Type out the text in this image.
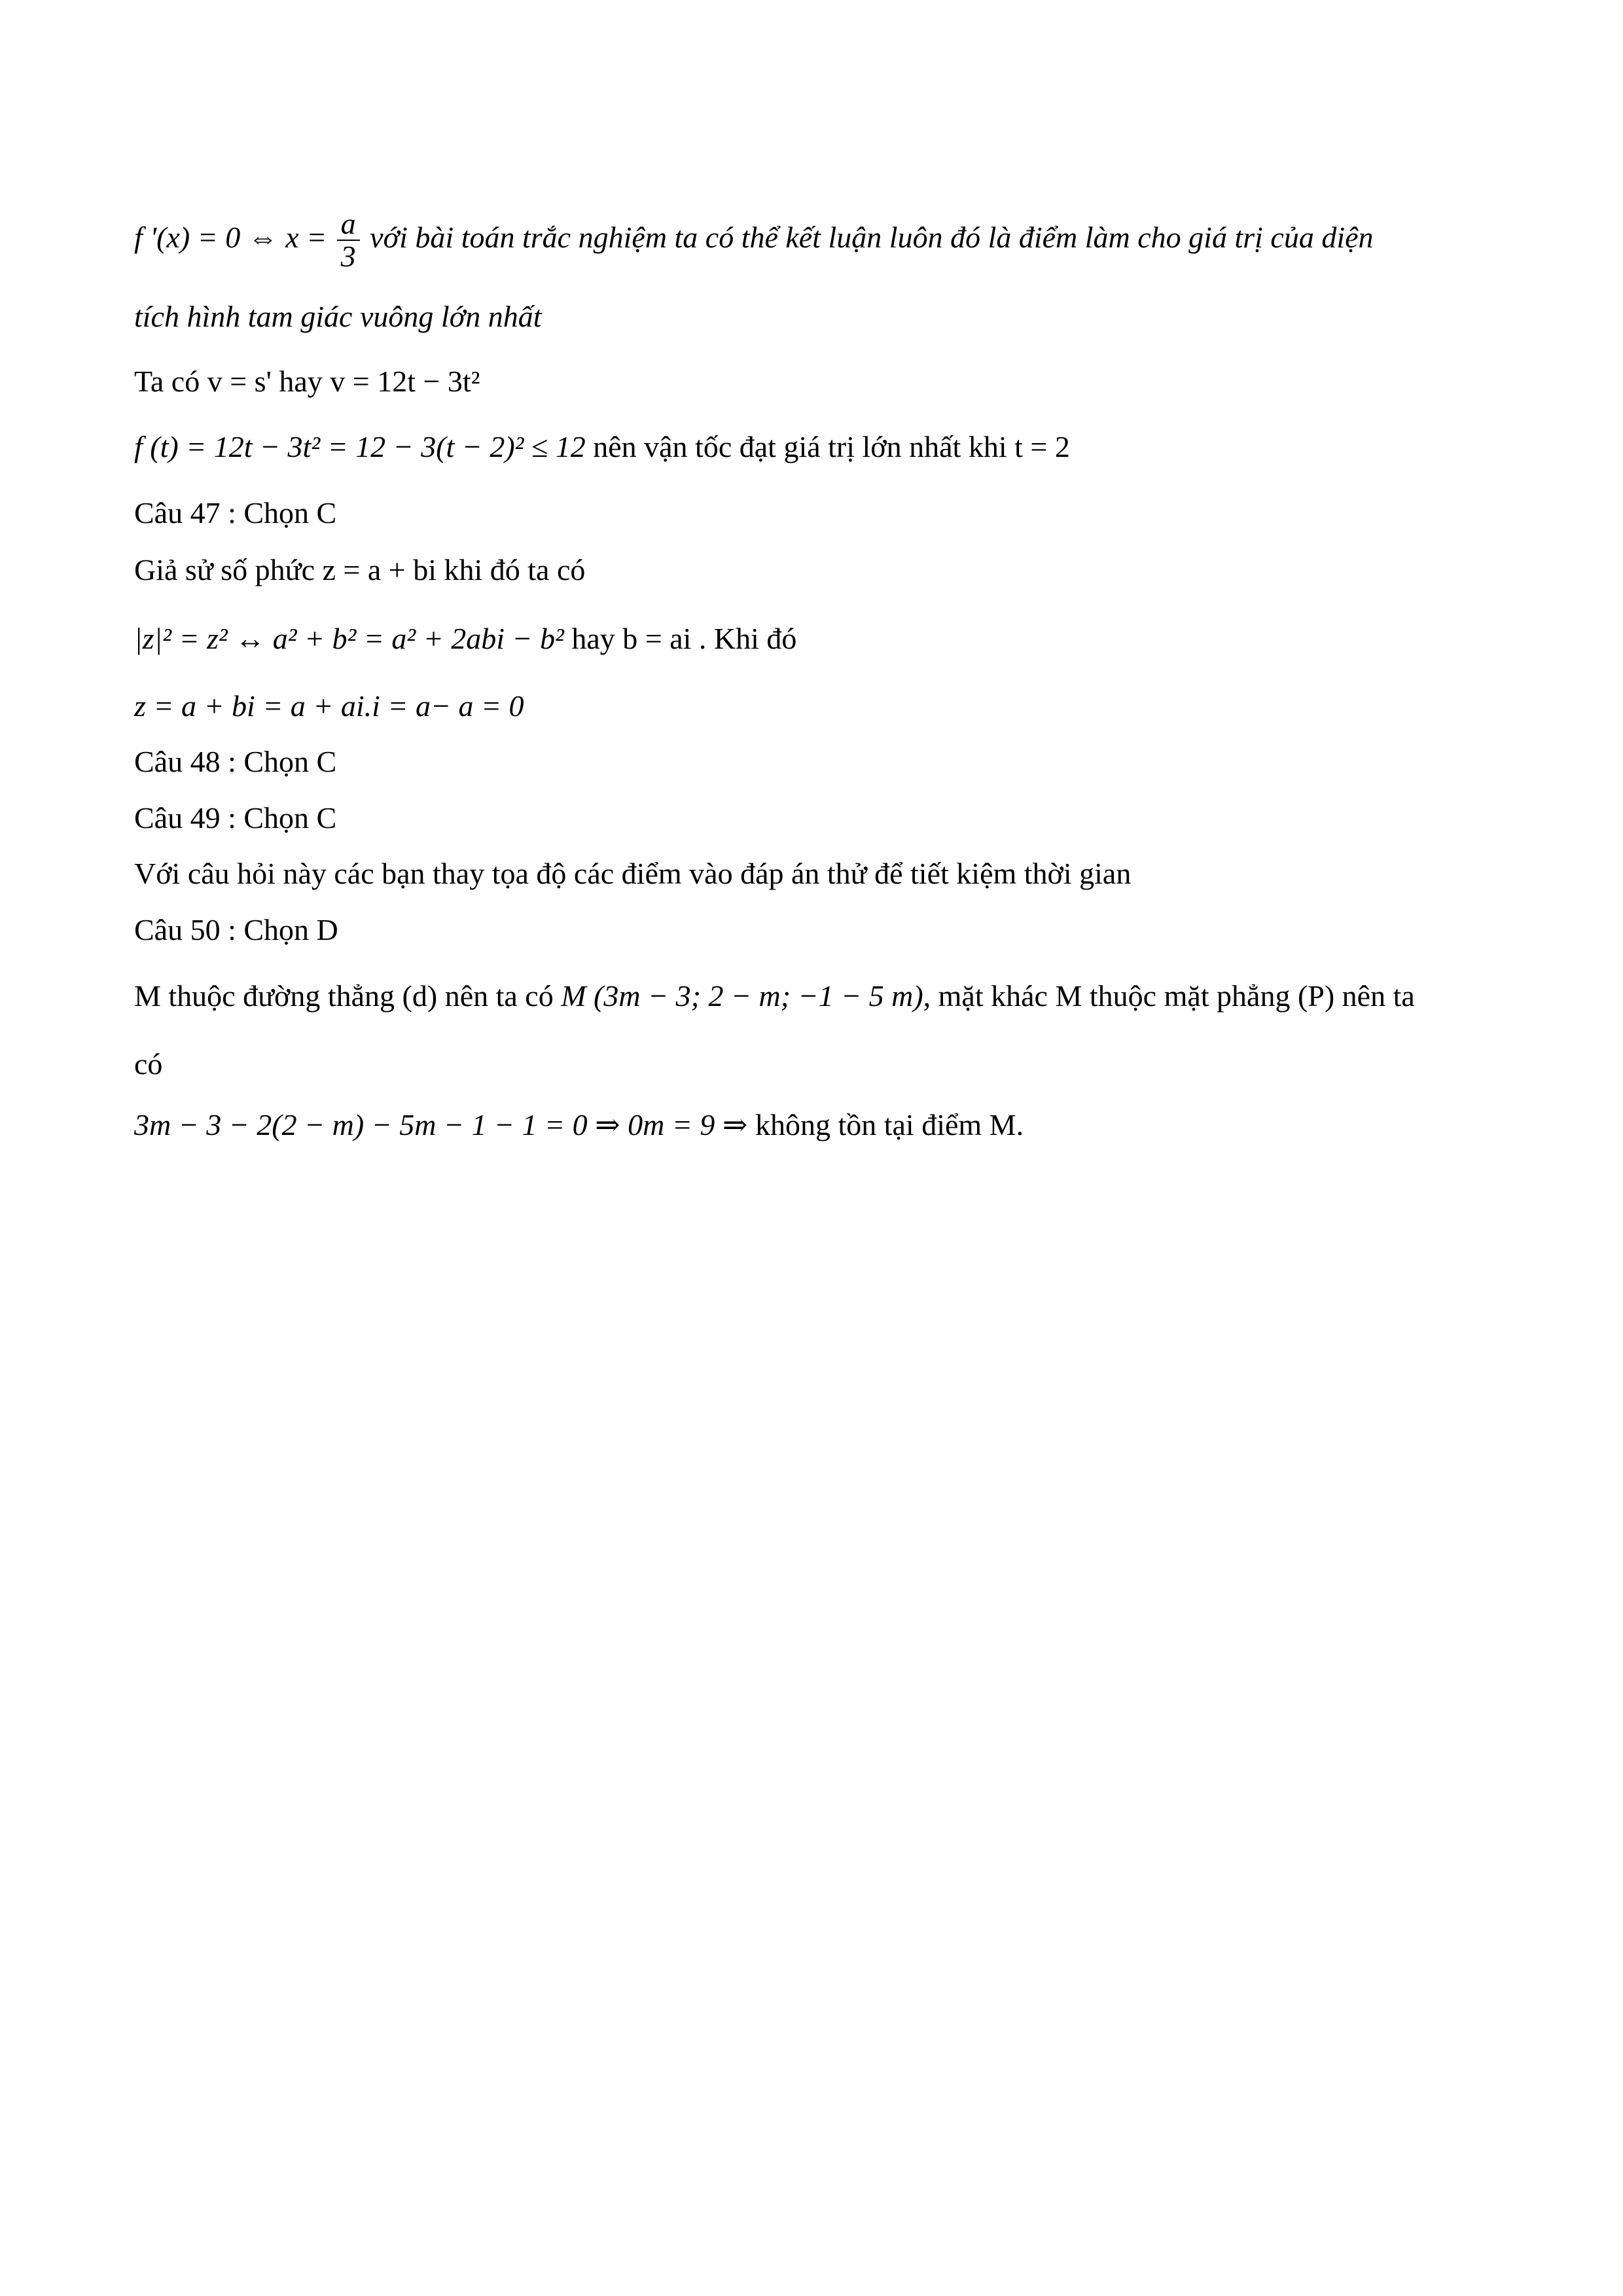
f '(x) = 0 ⇔ $x = \frac{a}{3}$ với bài toán trắc nghiệm ta có thể kết luận luôn đó là điểm làm cho giá trị của diện
tích hình tam giác vuông lớn nhất
Ta có v = s' hay v = 12t − 3t²
f (t) = 12t − 3t² = 12 − 3(t − 2)² ≤ 12 nên vận tốc đạt giá trị lớn nhất khi t = 2
Câu 47 : Chọn C
Giả sử số phức z = a + bi khi đó ta có
|z|² = z² ↔ a² + b² = a² + 2abi − b² hay b = ai . Khi đó
z = a + bi = a + ai.i = a− a = 0
Câu 48 : Chọn C
Câu 49 : Chọn C
Với câu hỏi này các bạn thay tọa độ các điểm vào đáp án thử để tiết kiệm thời gian
Câu 50 : Chọn D
M thuộc đường thẳng (d) nên ta có M (3m − 3; 2 − m; −1 − 5 m), mặt khác M thuộc mặt phẳng (P) nên ta
có
3m − 3 − 2(2 − m) − 5m − 1 − 1 = 0 ⇒ 0m = 9 ⇒ không tồn tại điểm M.
